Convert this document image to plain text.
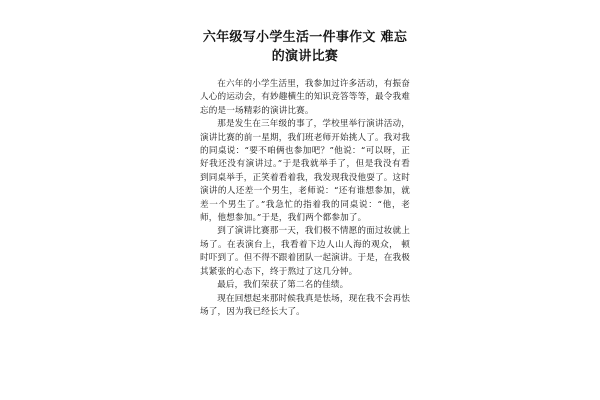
六年级写小学生活一件事作文 难忘
的演讲比赛

在六年的小学生活里，我参加过许多活动，有振奋人心的运动会，有妙趣横生的知识竞答等等，最令我难忘的是一场精彩的演讲比赛。

那是发生在三年级的事了，学校里举行演讲活动，演讲比赛的前一星期，我们班老师开始挑人了。我对我的同桌说：“要不咱俩也参加吧？”他说：“可以呀，正好我还没有演讲过。”于是我就举手了，但是我没有看到同桌举手，正笑着看着我，我发现我没他耍了。这时演讲的人还差一个男生，老师说：“还有谁想参加，就差一个男生了。”我急忙的指着我的同桌说：“他，老师，他想参加。”于是，我们两个都参加了。

到了演讲比赛那一天，我们极不情愿的面过妆就上场了。在表演台上，我看着下边人山人海的观众， 顿时吓到了。但不得不跟着团队一起演讲。于是，在我极其紧张的心态下，终于熬过了这几分钟。

最后，我们荣获了第二名的佳绩。

现在回想起来那时候我真是怯场，现在我不会再怯场了，因为我已经长大了。
